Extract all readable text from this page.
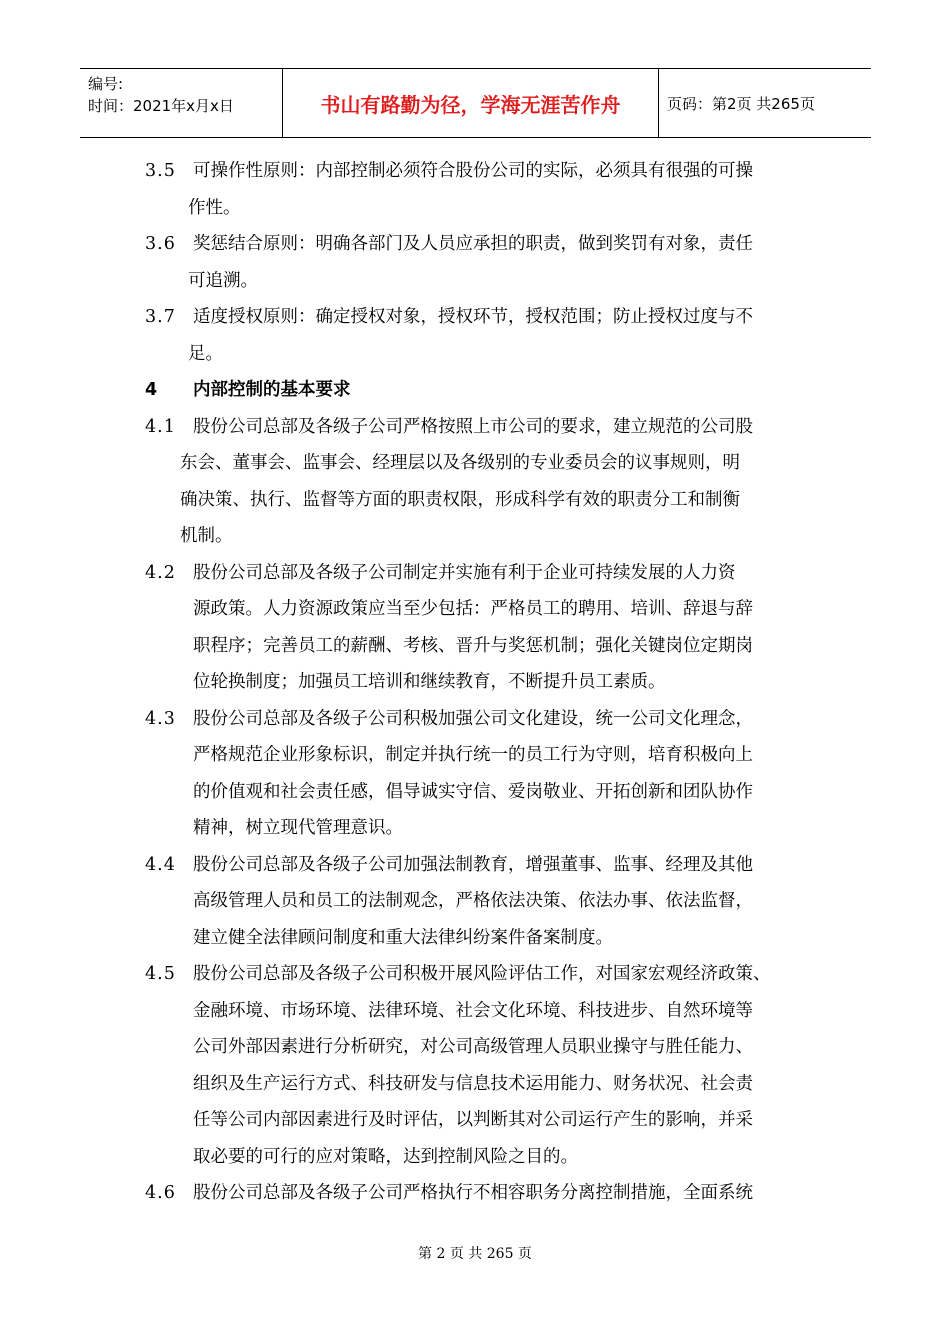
编号:
时间：2021年x月x日	书山有路勤为径，学海无涯苦作舟	页码：第2页 共265页
3.5 可操作性原则：内部控制必须符合股份公司的实际，必须具有很强的可操
作性。
3.6 奖惩结合原则：明确各部门及人员应承担的职责，做到奖罚有对象，责任
可追溯。
3.7 适度授权原则：确定授权对象，授权环节，授权范围；防止授权过度与不
足。
4 内部控制的基本要求
4.1 股份公司总部及各级子公司严格按照上市公司的要求，建立规范的公司股
东会、董事会、监事会、经理层以及各级别的专业委员会的议事规则，明
确决策、执行、监督等方面的职责权限，形成科学有效的职责分工和制衡
机制。
4.2 股份公司总部及各级子公司制定并实施有利于企业可持续发展的人力资
源政策。人力资源政策应当至少包括：严格员工的聘用、培训、辞退与辞
职程序；完善员工的薪酬、考核、晋升与奖惩机制；强化关键岗位定期岗
位轮换制度；加强员工培训和继续教育，不断提升员工素质。
4.3 股份公司总部及各级子公司积极加强公司文化建设，统一公司文化理念，
严格规范企业形象标识，制定并执行统一的员工行为守则，培育积极向上
的价值观和社会责任感，倡导诚实守信、爱岗敬业、开拓创新和团队协作
精神，树立现代管理意识。
4.4 股份公司总部及各级子公司加强法制教育，增强董事、监事、经理及其他
高级管理人员和员工的法制观念，严格依法决策、依法办事、依法监督，
建立健全法律顾问制度和重大法律纠纷案件备案制度。
4.5 股份公司总部及各级子公司积极开展风险评估工作，对国家宏观经济政策、
金融环境、市场环境、法律环境、社会文化环境、科技进步、自然环境等
公司外部因素进行分析研究，对公司高级管理人员职业操守与胜任能力、
组织及生产运行方式、科技研发与信息技术运用能力、财务状况、社会责
任等公司内部因素进行及时评估，以判断其对公司运行产生的影响，并采
取必要的可行的应对策略，达到控制风险之目的。
4.6 股份公司总部及各级子公司严格执行不相容职务分离控制措施，全面系统
第 2 页 共 265 页
